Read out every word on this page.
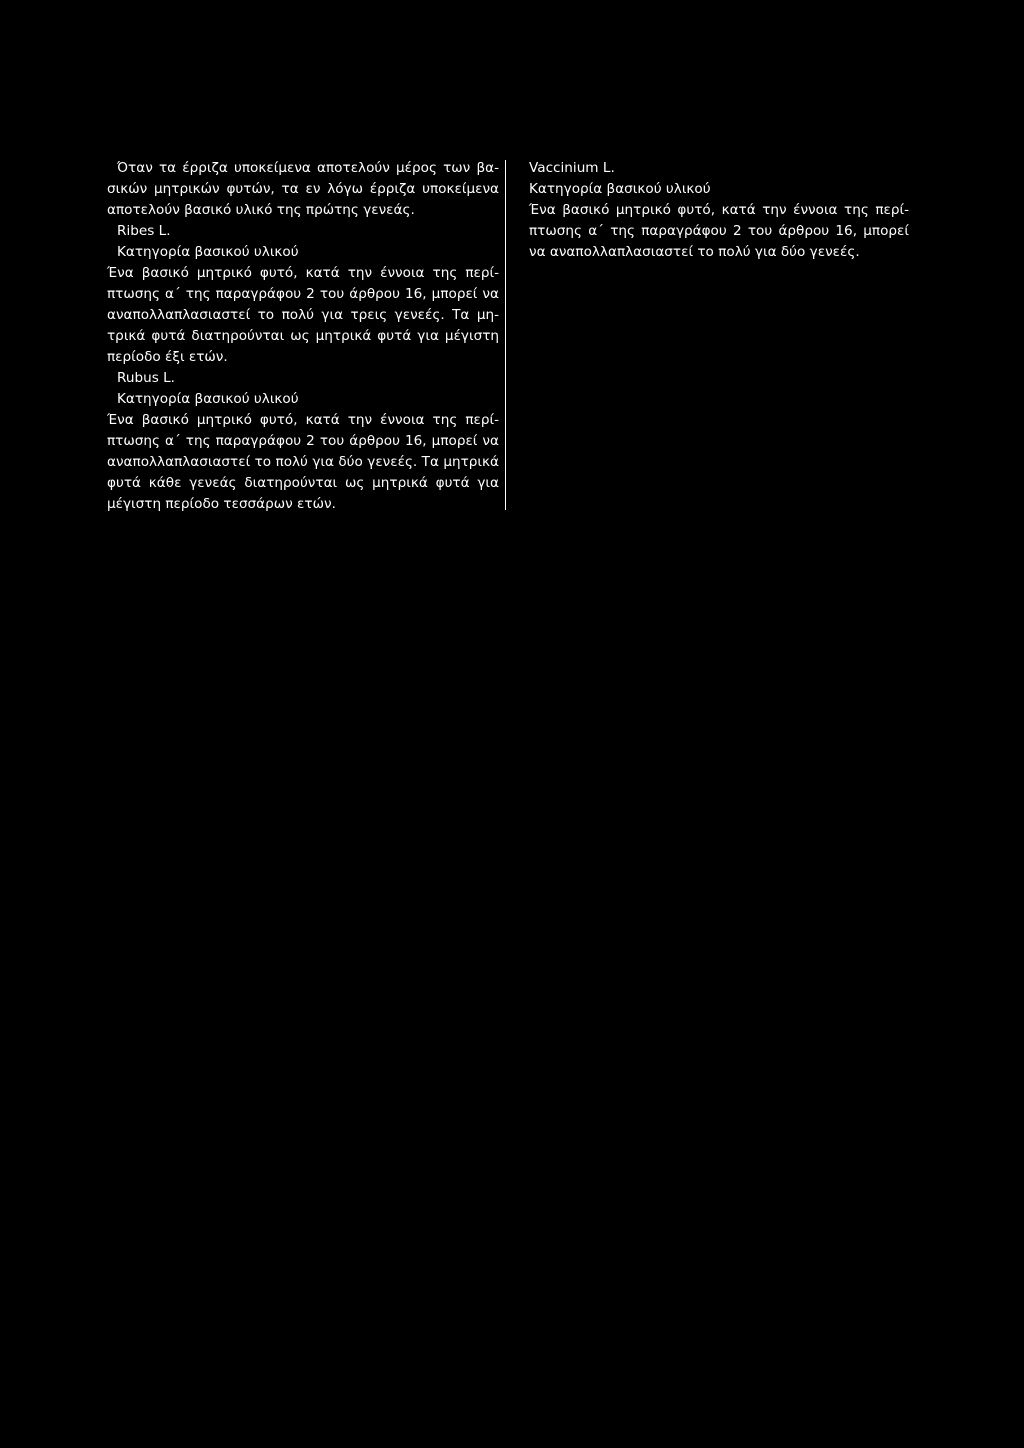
Όταν τα έρριζα υποκείμενα αποτελούν μέρος των βασικών μητρικών φυτών, τα εν λόγω έρριζα υποκείμενα αποτελούν βασικό υλικό της πρώτης γενεάς.

Ribes L.

Κατηγορία βασικού υλικού

Ένα βασικό μητρικό φυτό, κατά την έννοια της περίπτωσης α΄ της παραγράφου 2 του άρθρου 16, μπορεί να αναπολλαπλασιαστεί το πολύ για τρεις γενεές. Τα μητρικά φυτά διατηρούνται ως μητρικά φυτά για μέγιστη περίοδο έξι ετών.

Rubus L.

Κατηγορία βασικού υλικού

Ένα βασικό μητρικό φυτό, κατά την έννοια της περίπτωσης α΄ της παραγράφου 2 του άρθρου 16, μπορεί να αναπολλαπλασιαστεί το πολύ για δύο γενεές. Τα μητρικά φυτά κάθε γενεάς διατηρούνται ως μητρικά φυτά για μέγιστη περίοδο τεσσάρων ετών.

Vaccinium L.

Κατηγορία βασικού υλικού

Ένα βασικό μητρικό φυτό, κατά την έννοια της περίπτωσης α΄ της παραγράφου 2 του άρθρου 16, μπορεί να αναπολλαπλασιαστεί το πολύ για δύο γενεές.
